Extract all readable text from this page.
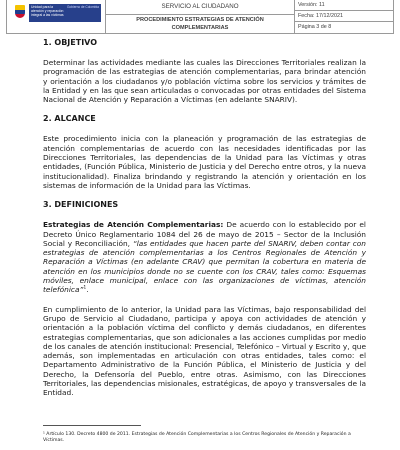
Unidad para la atención y reparación integral a las víctimas
Gobierno de Colombia	SERVICIO AL CIUDADANO
PROCEDIMIENTO ESTRATEGIAS DE ATENCIÓN
COMPLEMENTARIAS
Versión: 11
Fecha: 17/12/2021
Página 3 de 8
1. OBJETIVO

Determinar las actividades mediante las cuales las Direcciones Territoriales realizan la programación de las estrategias de atención complementarias, para brindar atención y orientación a los ciudadanos y/o población víctima sobre los servicios y trámites de la Entidad y en las que sean articuladas o convocadas por otras entidades del Sistema Nacional de Atención y Reparación a Víctimas (en adelante SNARIV).

2. ALCANCE

Este procedimiento inicia con la planeación y programación de las estrategias de atención complementarias de acuerdo con las necesidades identificadas por las Direcciones Territoriales, las dependencias de la Unidad para las Víctimas y otras entidades, (Función Pública, Ministerio de Justicia y del Derecho entre otros, y la nueva institucionalidad). Finaliza brindando y registrando la atención y orientación en los sistemas de información de la Unidad para las Víctimas.

3. DEFINICIONES

Estrategias de Atención Complementarias: De acuerdo con lo establecido por el Decreto Único Reglamentario 1084 del 26 de mayo de 2015 – Sector de la Inclusión Social y Reconciliación, “las entidades que hacen parte del SNARIV, deben contar con estrategias de atención complementarias a los Centros Regionales de Atención y Reparación a Víctimas (en adelante CRAV) que permitan la cobertura en materia de atención en los municipios donde no se cuente con los CRAV, tales como: Esquemas móviles, enlace municipal, enlace con las organizaciones de víctimas, atención telefónica”$^1$.

En cumplimiento de lo anterior, la Unidad para las Víctimas, bajo responsabilidad del Grupo de Servicio al Ciudadano, participa y apoya con actividades de atención y orientación a la población víctima del conflicto y demás ciudadanos, en diferentes estrategias complementarias, que son adicionales a las acciones cumplidas por medio de los canales de atención institucional: Presencial, Telefónico – Virtual y Escrito y, que además, son implementadas en articulación con otras entidades, tales como: el Departamento Administrativo de la Función Pública, el Ministerio de Justicia y del Derecho, la Defensoría del Pueblo, entre otras. Asimismo, con las Direcciones Territoriales, las dependencias misionales, estratégicas, de apoyo y transversales de la Entidad.

¹ Artículo 130. Decreto 4800 de 2011. Estrategias de Atención Complementarias a los Centros Regionales de Atención y Reparación a Víctimas.
